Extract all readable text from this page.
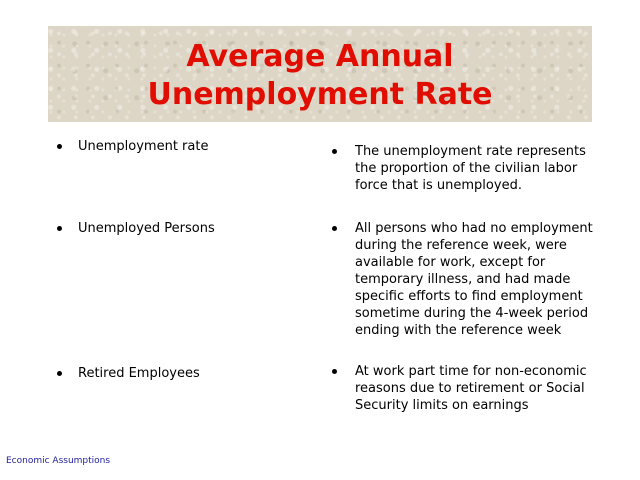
Average Annual
Unemployment Rate
Unemployment rate	The unemployment rate represents the proportion of the civilian labor force that is unemployed.
Unemployed Persons	All persons who had no employment during the reference week, were available for work, except for temporary illness, and had made specific efforts to find employment sometime during the 4-week period ending with the reference week
Retired Employees	At work part time for non-economic reasons due to retirement or Social Security limits on earnings
Economic Assumptions
